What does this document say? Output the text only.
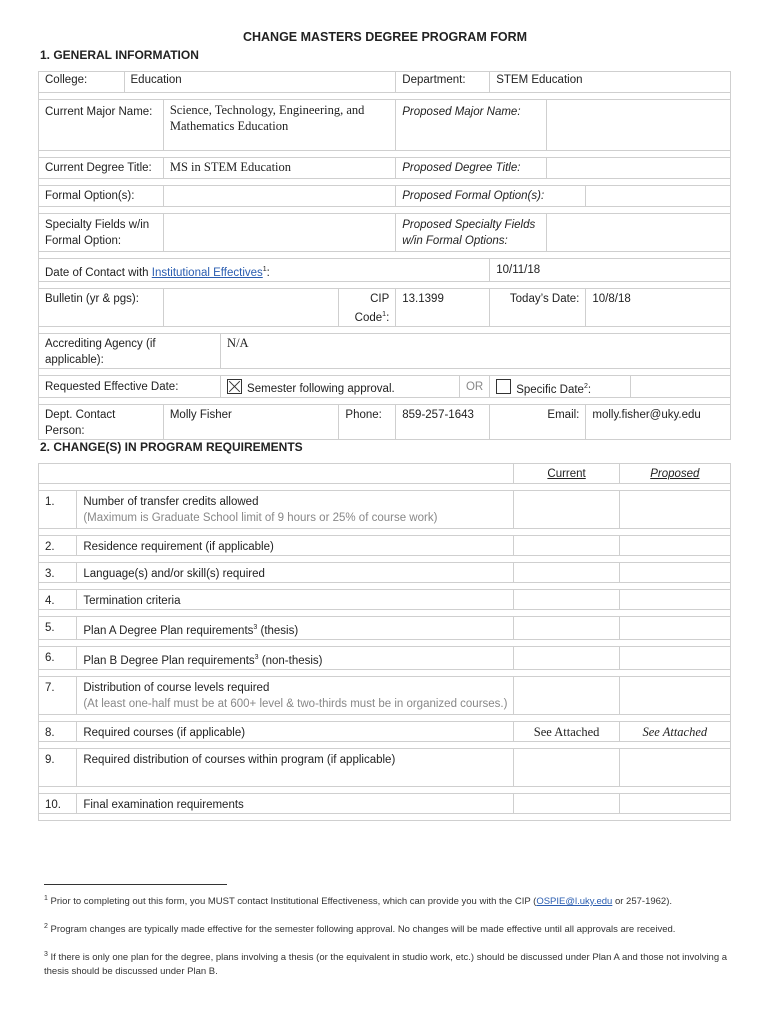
CHANGE MASTERS DEGREE PROGRAM FORM
1. GENERAL INFORMATION
College:	Education				Department:		STEM Education			

Current Major Name:		Science, Technology, Engineering, and Mathematics Education			Proposed Major Name:					

Current Degree Title:		MS in STEM Education			Proposed Degree Title:					

Formal Option(s):					Proposed Formal Option(s):					

Specialty Fields w/in Formal Option:					Proposed Specialty Fields w/in Formal Options:					

Date of Contact with Institutional Effectives$^1$:							10/11/18			

Bulletin (yr & pgs):				CIP Code$^1$:	13.1399		Today’s Date:		10/8/18	

Accrediting Agency (if applicable):			N/A							

Requested Effective Date:			Semester following approval.			OR	Specific Date$^2$:			

Dept. Contact Person:		Molly Fisher		Phone:	859-257-1643		Email:		molly.fisher@uky.edu	
2. CHANGE(S) IN PROGRAM REQUIREMENTS
		Current	Proposed

1.	Number of transfer credits allowed
(Maximum is Graduate School limit of 9 hours or 25% of course work)		

2.	Residence requirement (if applicable)		

3.	Language(s) and/or skill(s) required		

4.	Termination criteria		

5.	Plan A Degree Plan requirements$^3$ (thesis)		

6.	Plan B Degree Plan requirements$^3$ (non-thesis)		

7.	Distribution of course levels required
(At least one-half must be at 600+ level & two-thirds must be in organized courses.)		

8.	Required courses (if applicable)	See Attached	See Attached

9.	Required distribution of courses within program (if applicable)		

10.	Final examination requirements		

$^1$ Prior to completing out this form, you MUST contact Institutional Effectiveness, which can provide you with the CIP (OSPIE@l.uky.edu or 257-1962).
$^2$ Program changes are typically made effective for the semester following approval. No changes will be made effective until all approvals are received.
$^3$ If there is only one plan for the degree, plans involving a thesis (or the equivalent in studio work, etc.) should be discussed under Plan A and those not involving a thesis should be discussed under Plan B.
